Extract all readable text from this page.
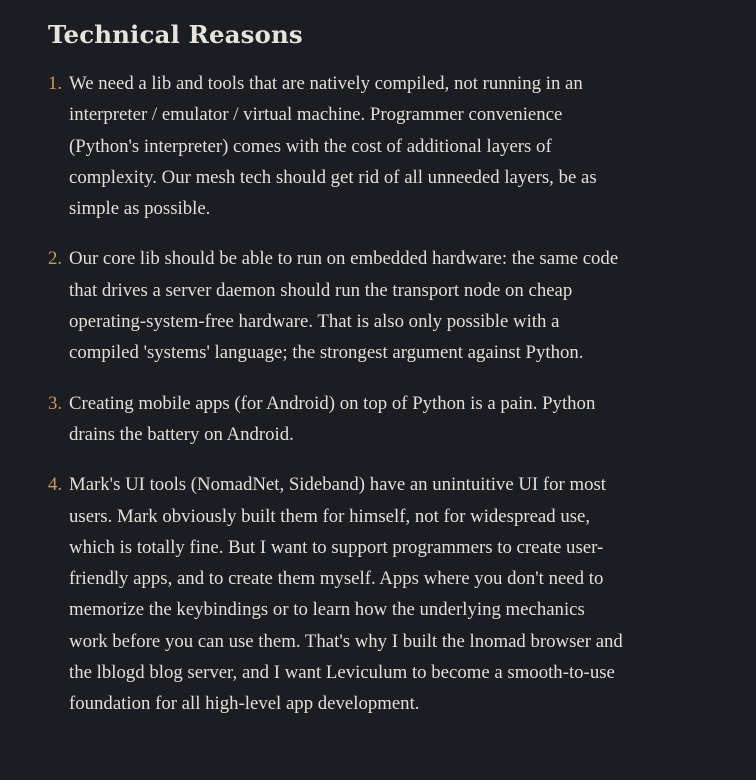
Technical Reasons
1. We need a lib and tools that are natively compiled, not running in an interpreter / emulator / virtual machine. Programmer convenience (Python's interpreter) comes with the cost of additional layers of complexity. Our mesh tech should get rid of all unneeded layers, be as simple as possible.
2. Our core lib should be able to run on embedded hardware: the same code that drives a server daemon should run the transport node on cheap operating-system-free hardware. That is also only possible with a compiled 'systems' language; the strongest argument against Python.
3. Creating mobile apps (for Android) on top of Python is a pain. Python drains the battery on Android.
4. Mark's UI tools (NomadNet, Sideband) have an unintuitive UI for most users. Mark obviously built them for himself, not for widespread use, which is totally fine. But I want to support programmers to create user-friendly apps, and to create them myself. Apps where you don't need to memorize the keybindings or to learn how the underlying mechanics work before you can use them. That's why I built the lnomad browser and the lblogd blog server, and I want Leviculum to become a smooth-to-use foundation for all high-level app development.
